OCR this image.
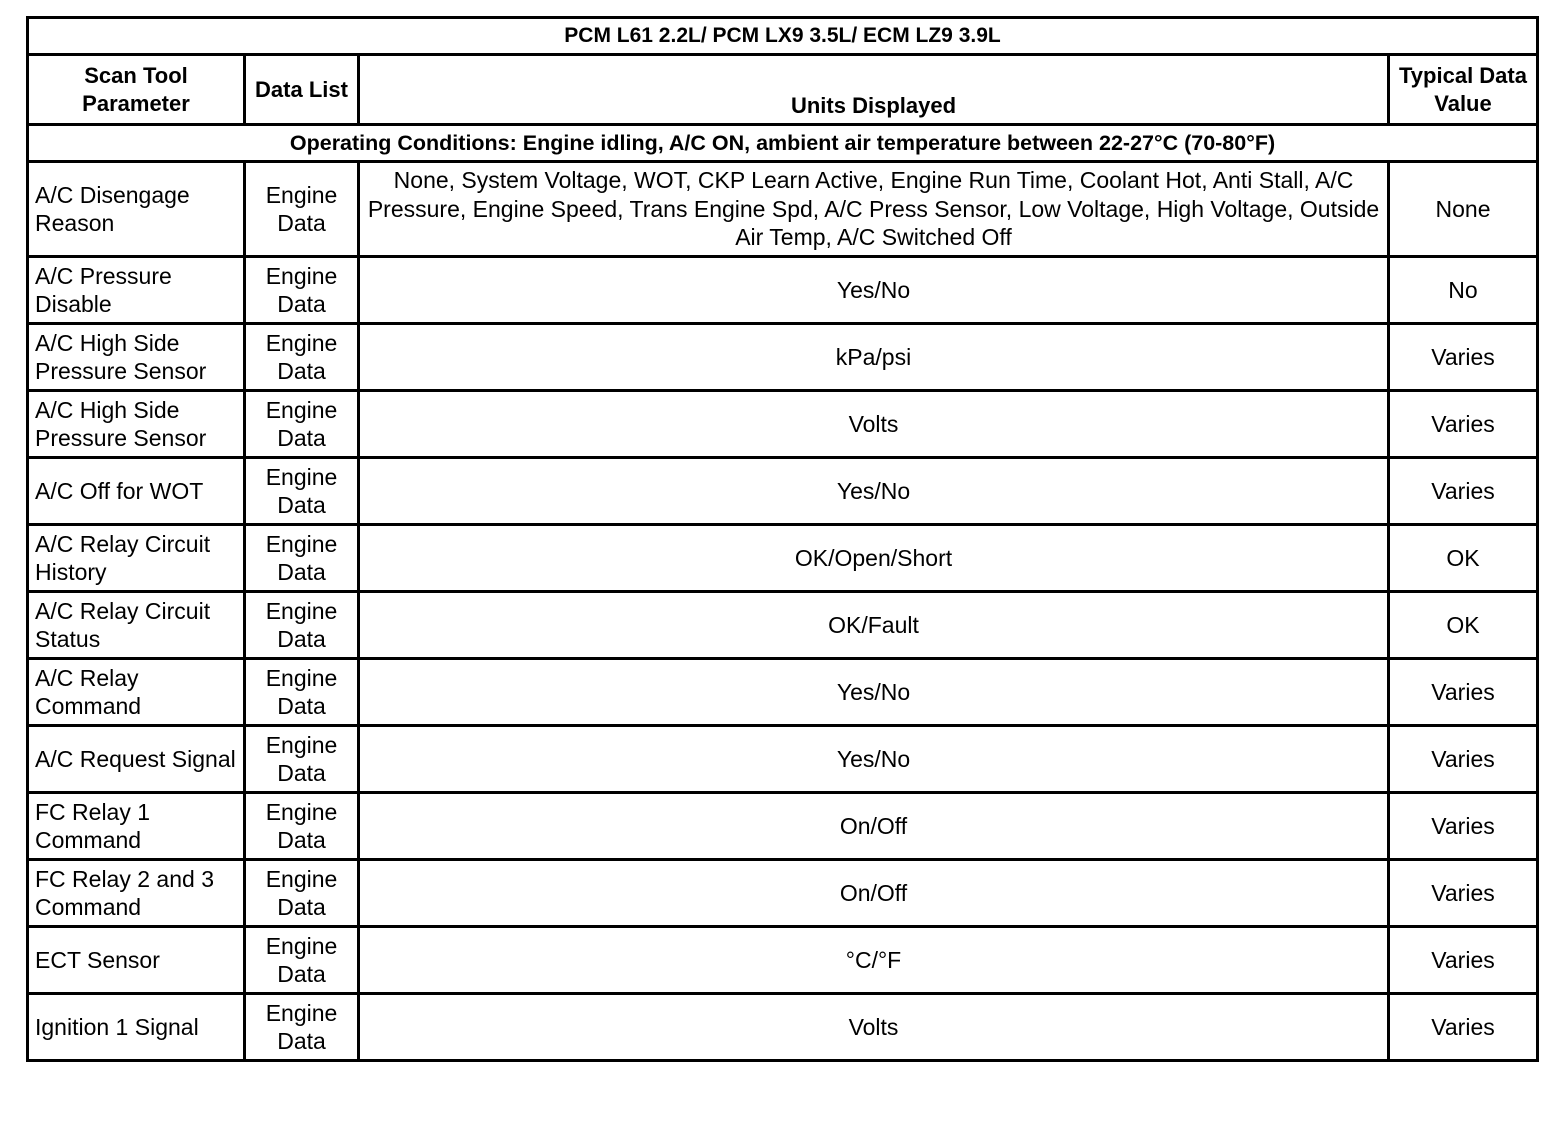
PCM L61 2.2L/ PCM LX9 3.5L/ ECM LZ9 3.9L			
Scan Tool Parameter	Data List	Units Displayed	Typical Data Value
Operating Conditions: Engine idling, A/C ON, ambient air temperature between 22-27°C (70-80°F)			
A/C Disengage Reason	Engine Data	None, System Voltage, WOT, CKP Learn Active, Engine Run Time, Coolant Hot, Anti Stall, A/C Pressure, Engine Speed, Trans Engine Spd, A/C Press Sensor, Low Voltage, High Voltage, Outside Air Temp, A/C Switched Off	None
A/C Pressure Disable	Engine Data	Yes/No	No
A/C High Side Pressure Sensor	Engine Data	kPa/psi	Varies
A/C High Side Pressure Sensor	Engine Data	Volts	Varies
A/C Off for WOT	Engine Data	Yes/No	Varies
A/C Relay Circuit History	Engine Data	OK/Open/Short	OK
A/C Relay Circuit Status	Engine Data	OK/Fault	OK
A/C Relay Command	Engine Data	Yes/No	Varies
A/C Request Signal	Engine Data	Yes/No	Varies
FC Relay 1 Command	Engine Data	On/Off	Varies
FC Relay 2 and 3 Command	Engine Data	On/Off	Varies
ECT Sensor	Engine Data	°C/°F	Varies
Ignition 1 Signal	Engine Data	Volts	Varies
